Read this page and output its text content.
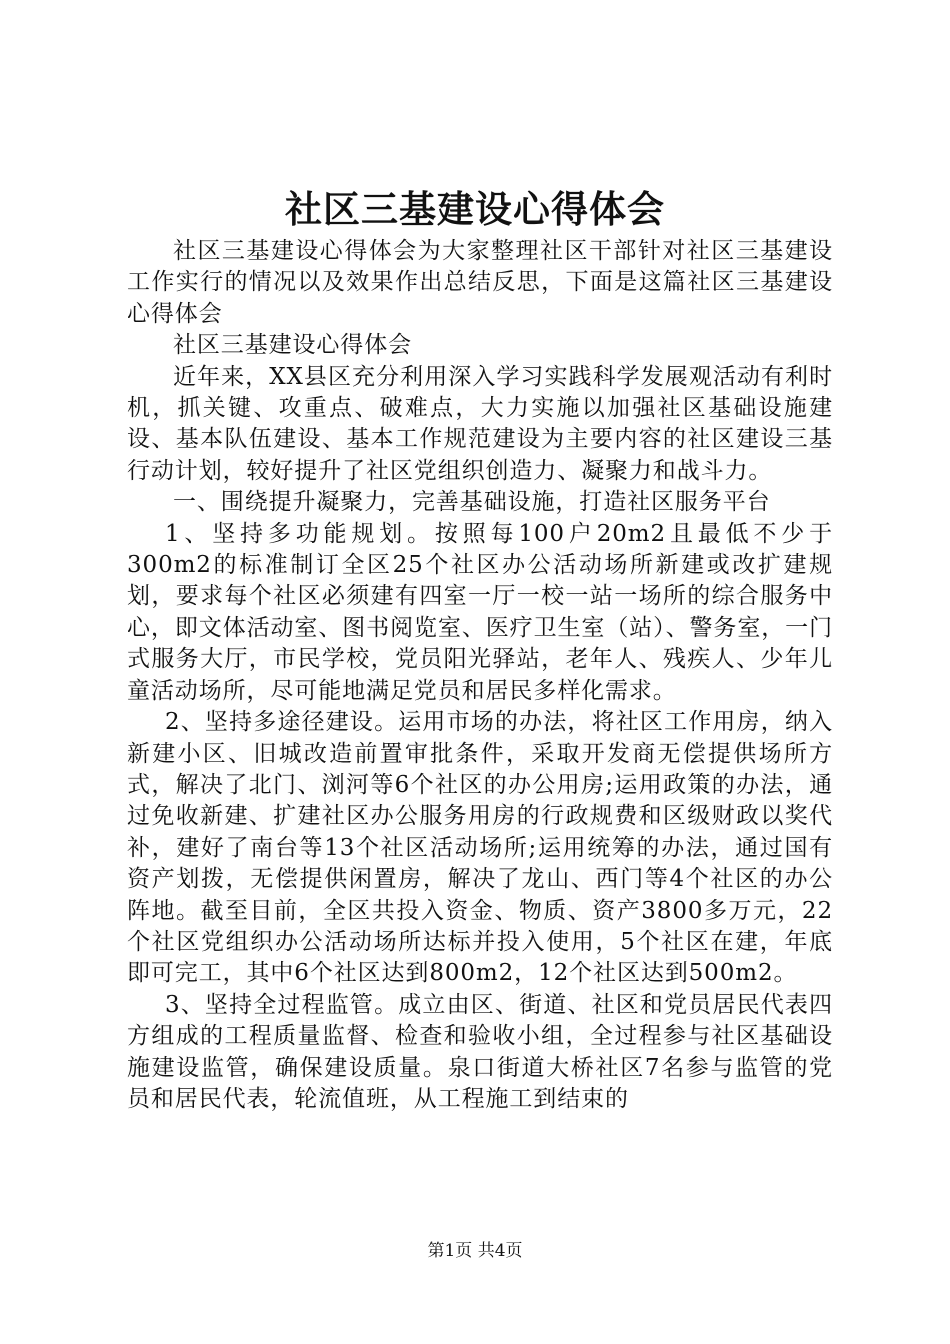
社区三基建设心得体会

社区三基建设心得体会为大家整理社区干部针对社区三基建设工作实行的情况以及效果作出总结反思，下面是这篇社区三基建设心得体会

社区三基建设心得体会

近年来，XX县区充分利用深入学习实践科学发展观活动有利时机，抓关键、攻重点、破难点，大力实施以加强社区基础设施建设、基本队伍建设、基本工作规范建设为主要内容的社区建设三基行动计划，较好提升了社区党组织创造力、凝聚力和战斗力。

一、围绕提升凝聚力，完善基础设施，打造社区服务平台

1、坚持多功能规划。按照每100户20m2且最低不少于300m2的标准制订全区25个社区办公活动场所新建或改扩建规划，要求每个社区必须建有四室一厅一校一站一场所的综合服务中心，即文体活动室、图书阅览室、医疗卫生室（站）、警务室，一门式服务大厅，市民学校，党员阳光驿站，老年人、残疾人、少年儿童活动场所，尽可能地满足党员和居民多样化需求。

2、坚持多途径建设。运用市场的办法，将社区工作用房，纳入新建小区、旧城改造前置审批条件，采取开发商无偿提供场所方式，解决了北门、浏河等6个社区的办公用房;运用政策的办法，通过免收新建、扩建社区办公服务用房的行政规费和区级财政以奖代补，建好了南台等13个社区活动场所;运用统筹的办法，通过国有资产划拨，无偿提供闲置房，解决了龙山、西门等4个社区的办公阵地。截至目前，全区共投入资金、物质、资产3800多万元，22个社区党组织办公活动场所达标并投入使用，5个社区在建，年底即可完工，其中6个社区达到800m2，12个社区达到500m2。

3、坚持全过程监管。成立由区、街道、社区和党员居民代表四方组成的工程质量监督、检查和验收小组，全过程参与社区基础设施建设监管，确保建设质量。泉口街道大桥社区7名参与监管的党员和居民代表，轮流值班，从工程施工到结束的

第1页 共4页
